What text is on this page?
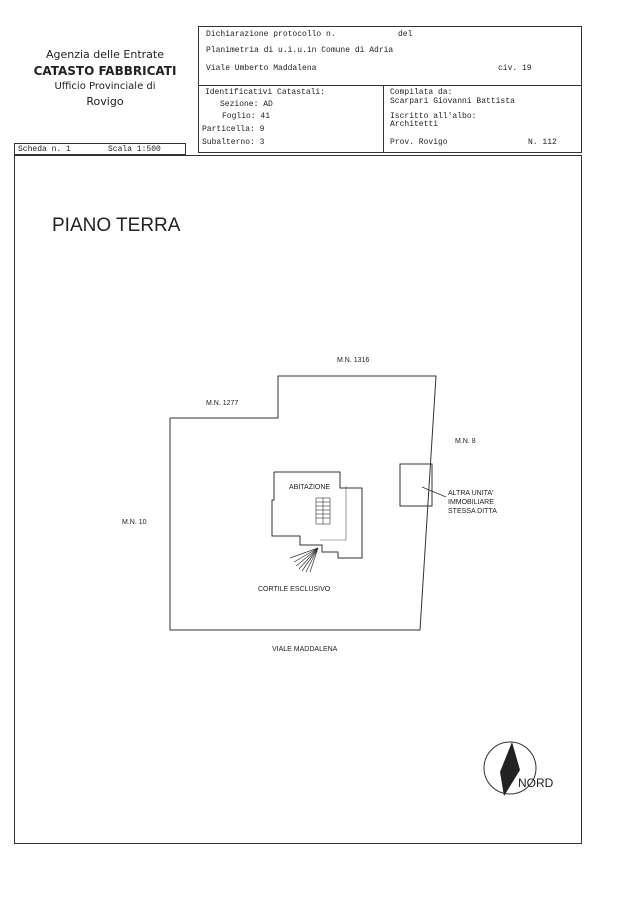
Agenzia delle Entrate
CATASTO FABBRICATI
Ufficio Provinciale di
Rovigo
Dichiarazione protocollo n.	del
Planimetria di u.i.u.in Comune di Adria
Viale Umberto Maddalena	civ. 19
Identificativi Catastali:
Sezione: AD
Foglio: 41
Particella: 9
Subalterno: 3
Compilata da:
Scarpari Giovanni Battista
Iscritto all'albo:
Architetti
Prov. Rovigo	N. 112
Scheda n. 1	Scala 1:500
PIANO TERRA
M.N. 1316
M.N. 1277
M.N. 8
M.N. 10
ABITAZIONE
ALTRA UNITA'
IMMOBILIARE
STESSA DITTA
CORTILE ESCLUSIVO
VIALE MADDALENA
NORD
